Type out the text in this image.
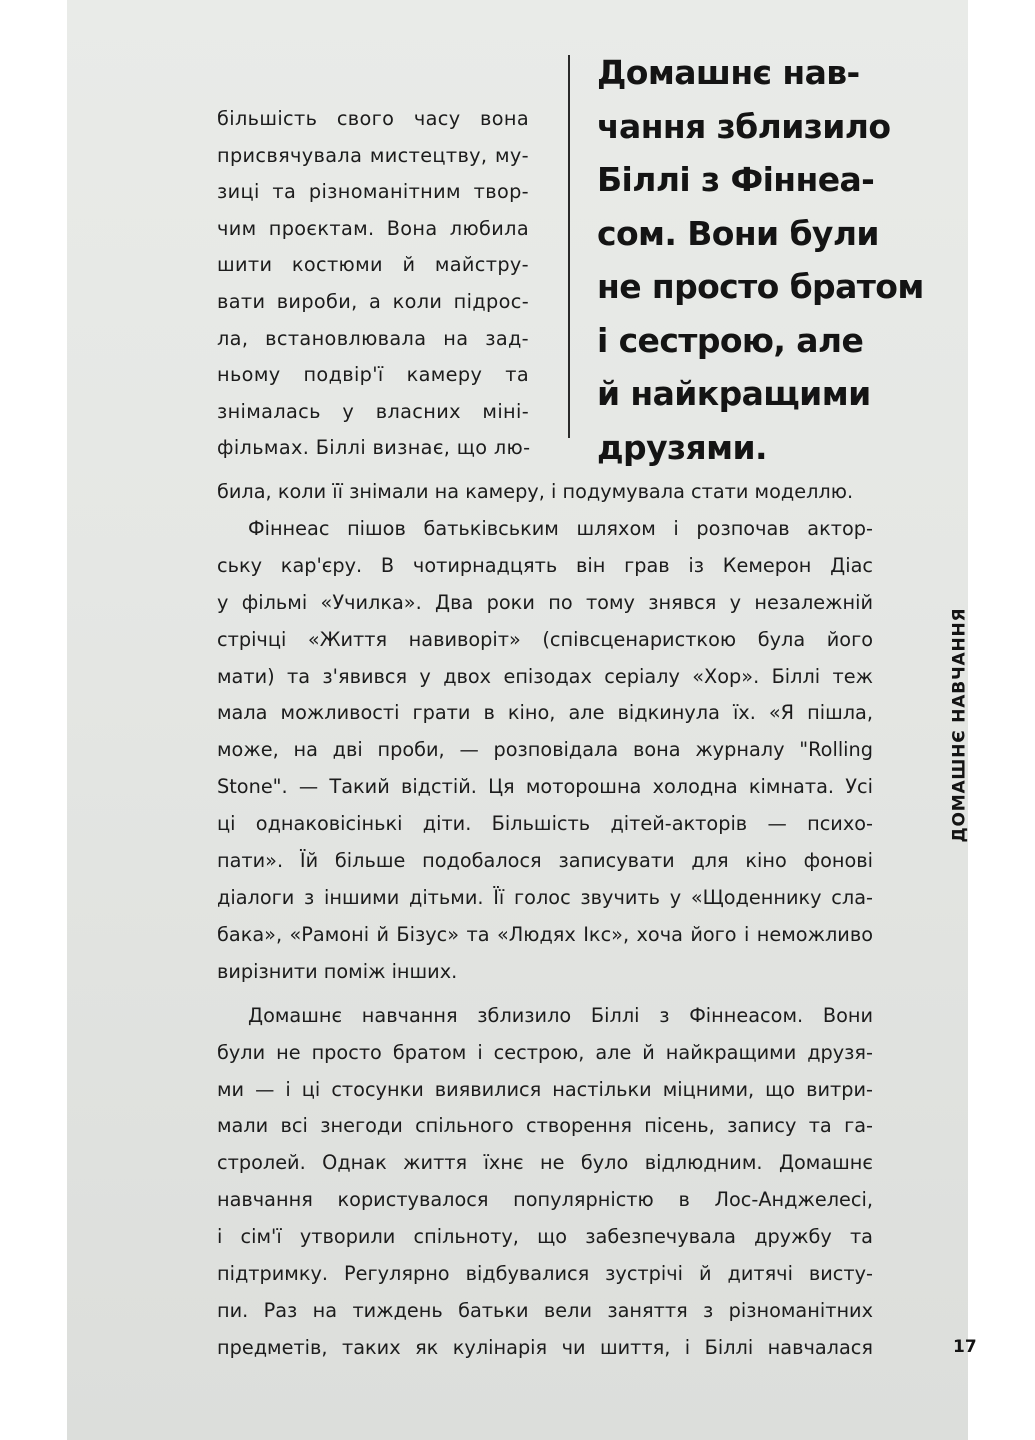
більшість свого часу вона
присвячувала мистецтву, му-
зиці та різноманітним твор-
чим проєктам. Вона любила
шити костюми й майстру-
вати вироби, а коли підрос-
ла, встановлювала на зад-
ньому подвір'ї камеру та
знімалась у власних міні-
фільмах. Біллі визнає, що лю-
Домашнє нав-
чання зблизило
Біллі з Фіннеа-
сом. Вони були
не просто братом
і сестрою, але
й найкращими
друзями.
била, коли її знімали на камеру, і подумувала стати моделлю.
Фіннеас пішов батьківським шляхом і розпочав актор-
ську кар'єру. В чотирнадцять він грав із Кемерон Діас
у фільмі «Училка». Два роки по тому знявся у незалежній
стрічці «Життя навиворіт» (співсценаристкою була його
мати) та з'явився у двох епізодах серіалу «Хор». Біллі теж
мала можливості грати в кіно, але відкинула їх. «Я пішла,
може, на дві проби, — розповідала вона журналу "Rolling
Stone". — Такий відстій. Ця моторошна холодна кімната. Усі
ці однаковісінькі діти. Більшість дітей-акторів — психо-
пати». Їй більше подобалося записувати для кіно фонові
діалоги з іншими дітьми. Її голос звучить у «Щоденнику сла-
бака», «Рамоні й Бізус» та «Людях Ікс», хоча його і неможливо
вирізнити поміж інших.
Домашнє навчання зблизило Біллі з Фіннеасом. Вони
були не просто братом і сестрою, але й найкращими друзя-
ми — і ці стосунки виявилися настільки міцними, що витри-
мали всі знегоди спільного створення пісень, запису та га-
стролей. Однак життя їхнє не було відлюдним. Домашнє
навчання користувалося популярністю в Лос-Анджелесі,
і сім'ї утворили спільноту, що забезпечувала дружбу та
підтримку. Регулярно відбувалися зустрічі й дитячі висту-
пи. Раз на тиждень батьки вели заняття з різноманітних
предметів, таких як кулінарія чи шиття, і Біллі навчалася
ДОМАШНЄ НАВЧАННЯ
17
